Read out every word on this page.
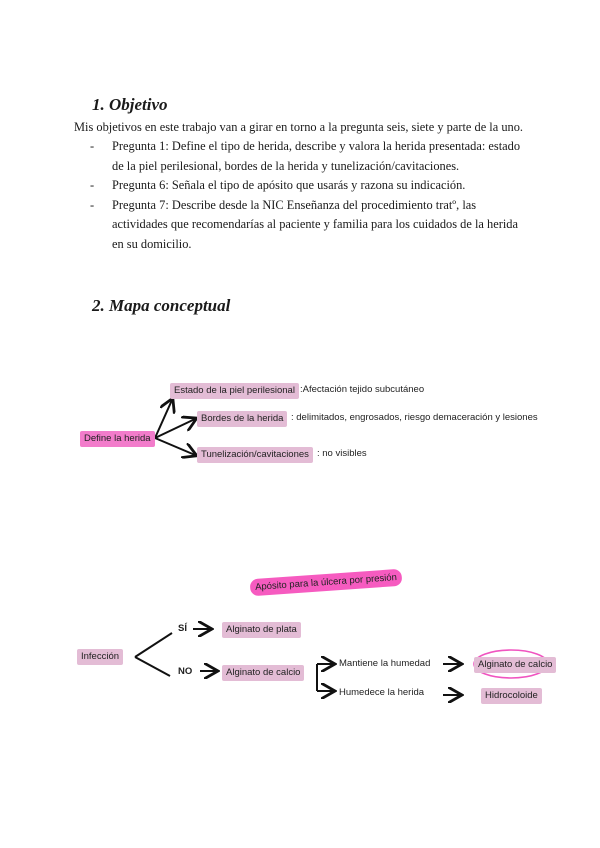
1. Objetivo

Mis objetivos en este trabajo van a girar en torno a la pregunta seis, siete y parte de la uno.

- Pregunta 1: Define el tipo de herida, describe y valora la herida presentada: estado de la piel perilesional, bordes de la herida y tunelización/cavitaciones.
- Pregunta 6: Señala el tipo de apósito que usarás y razona su indicación.
- Pregunta 7: Describe desde la NIC Enseñanza del procedimiento tratº, las actividades que recomendarías al paciente y familia para los cuidados de la herida en su domicilio.
2. Mapa conceptual
Define la herida
Estado de la piel perilesional :Afectación tejido subcutáneo
Bordes de la herida : delimitados, engrosados, riesgo demaceración y lesiones
Tunelización/cavitaciones : no visibles
Apósito para la úlcera por presión
Infección
SÍ	Alginato de plata
NO	Alginato de calcio
Mantiene la humedad
Humedece la herida
Alginato de calcio
Hidrocoloide
